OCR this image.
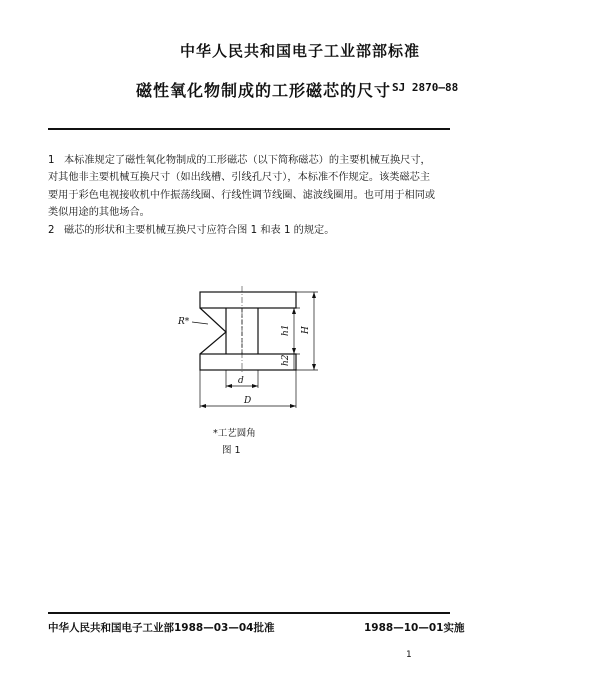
中华人民共和国电子工业部部标准
磁性氧化物制成的工形磁芯的尺寸 SJ 2870—88

1 本标准规定了磁性氧化物制成的工形磁芯（以下简称磁芯）的主要机械互换尺寸，
对其他非主要机械互换尺寸（如出线槽、引线孔尺寸），本标准不作规定。该类磁芯主
要用于彩色电视接收机中作振荡线圈、行线性调节线圈、滤波线圈用。也可用于相同或
类似用途的其他场合。

2 磁芯的形状和主要机械互换尺寸应符合图 1 和表 1 的规定。

R*
d
D
h1
h2
H
*工艺圆角
图 1
中华人民共和国电子工业部1988—03—04批准	1988—10—01实施
1
